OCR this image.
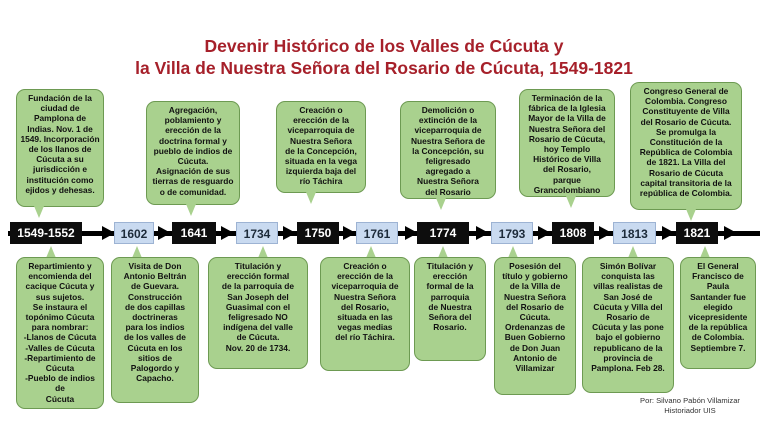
Devenir Histórico de los Valles de Cúcuta y
la Villa de Nuestra Señora del Rosario de Cúcuta, 1549-1821
1549-1552	1602	1641	1734	1750	1761	1774	1793	1808	1813	1821
Fundación de la
ciudad de
Pamplona de
Indias. Nov. 1 de
1549. Incorporación
de los llanos de
Cúcuta a su
jurisdicción e
institución como
ejidos y dehesas.
Agregación,
poblamiento y
erección de la
doctrina formal y
pueblo de indios de
Cúcuta.
Asignación de sus
tierras de resguardo
o de comunidad.
Creación o
erección de la
viceparroquia de
Nuestra Señora
de la Concepción,
situada en la vega
izquierda baja del
río Táchira
Demolición o
extinción de la
viceparroquia de
Nuestra Señora de
la Concepción, su
feligresado
agregado a
Nuestra Señora
del Rosario
Terminación de la
fábrica de la Iglesia
Mayor de la Villa de
Nuestra Señora del
Rosario de Cúcuta,
hoy Templo
Histórico de Villa
del Rosario,
parque
Grancolombiano
Congreso General de
Colombia. Congreso
Constituyente de Villa
del Rosario de Cúcuta.
Se promulga la
Constitución de la
República de Colombia
de 1821. La Villa del
Rosario de Cúcuta
capital transitoria de la
república de Colombia.
Repartimiento y
encomienda del
cacique Cúcuta y
sus sujetos.
Se instaura el
topónimo Cúcuta
para nombrar:
-Llanos de Cúcuta
-Valles de Cúcuta
-Repartimiento de
Cúcuta
-Pueblo de indios de
Cúcuta
Visita de Don
Antonio Beltrán
de Guevara.
Construcción
de dos capillas
doctrineras
para los indios
de los valles de
Cúcuta en los
sitios de
Palogordo y
Capacho.
Titulación y
erección formal
de la parroquia de
San Joseph del
Guasimal con el
feligresado NO
indígena del valle
de Cúcuta.
Nov. 20 de 1734.
Creación o
erección de la
viceparroquia de
Nuestra Señora
del Rosario,
situada en las
vegas medias
del río Táchira.
Titulación y
erección
formal de la
parroquia
de Nuestra
Señora del
Rosario.
Posesión del
título y gobierno
de la Villa de
Nuestra Señora
del Rosario de
Cúcuta.
Ordenanzas de
Buen Gobierno
de Don Juan
Antonio de
Villamizar
Simón Bolívar
conquista las
villas realistas de
San José de
Cúcuta y Villa del
Rosario de
Cúcuta y las pone
bajo el gobierno
republicano de la
provincia de
Pamplona. Feb 28.
El General
Francisco de
Paula
Santander fue
elegido
vicepresidente
de la república
de Colombia.
Septiembre 7.
Por: Silvano Pabón Villamizar
Historiador UIS
